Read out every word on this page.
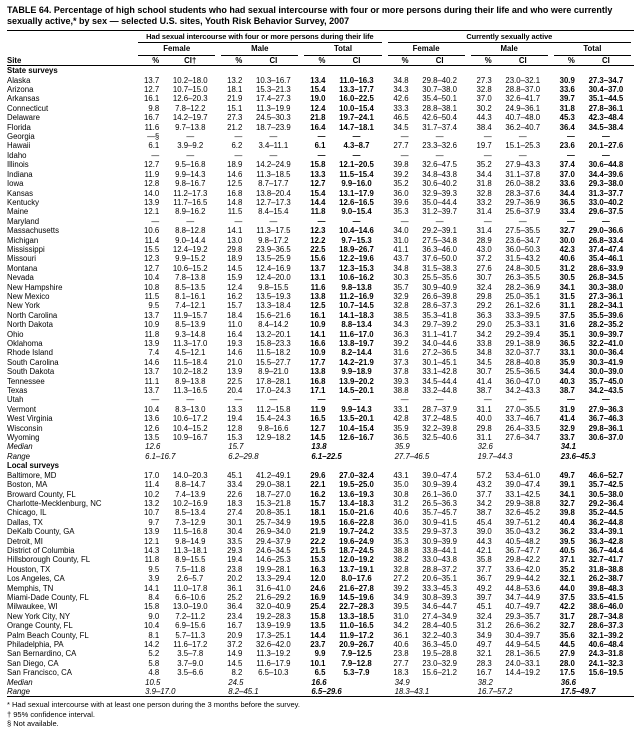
TABLE 64. Percentage of high school students who had sexual intercourse with four or more persons during their life and who were currently sexually active,* by sex — selected U.S. sites, Youth Risk Behavior Survey, 2007
Site	Had sexual intercourse with four or more persons during their life						Currently sexually active					

	Female		Male		Total		Female		Male		Total	

	%	CI†	%	CI	%	CI	%	CI	%	CI	%	CI
State surveys												
Alaska	13.7	10.2–18.0	13.2	10.3–16.7	13.4	11.0–16.3	34.8	29.8–40.2	27.3	23.0–32.1	30.9	27.3–34.7
Arizona	12.7	10.7–15.0	18.1	15.3–21.3	15.4	13.3–17.7	34.3	30.7–38.0	32.8	28.8–37.0	33.6	30.4–37.0
Arkansas	16.1	12.6–20.3	21.9	17.4–27.3	19.0	16.0–22.5	42.6	35.4–50.1	37.0	32.6–41.7	39.7	35.1–44.5
Connecticut	9.8	7.8–12.2	15.1	11.3–19.9	12.4	10.0–15.4	33.3	28.8–38.1	30.2	24.9–36.1	31.8	27.8–36.1
Delaware	16.7	14.2–19.7	27.3	24.5–30.3	21.8	19.7–24.1	46.5	42.6–50.4	44.3	40.7–48.0	45.3	42.3–48.4
Florida	11.6	9.7–13.8	21.2	18.7–23.9	16.4	14.7–18.1	34.5	31.7–37.4	38.4	36.2–40.7	36.4	34.5–38.4
Georgia	—§	—	—	—	—	—	—	—	—	—	—	—
Hawaii	6.1	3.9–9.2	6.2	3.4–11.1	6.1	4.3–8.7	27.7	23.3–32.6	19.7	15.1–25.3	23.6	20.1–27.6
Idaho	—	—	—	—	—	—	—	—	—	—	—	—
Illinois	12.7	9.5–16.8	18.9	14.2–24.9	15.8	12.1–20.5	39.8	32.6–47.5	35.2	27.9–43.3	37.4	30.6–44.8
Indiana	11.9	9.9–14.3	14.6	11.3–18.5	13.3	11.5–15.4	39.2	34.8–43.8	34.4	31.1–37.8	37.0	34.4–39.6
Iowa	12.8	9.8–16.7	12.5	8.7–17.7	12.7	9.9–16.0	35.2	30.6–40.2	31.8	26.0–38.2	33.6	29.3–38.0
Kansas	14.0	11.2–17.3	16.8	13.8–20.4	15.4	13.1–17.9	36.0	32.9–39.3	32.8	28.3–37.6	34.4	31.3–37.7
Kentucky	13.9	11.7–16.5	14.8	12.7–17.3	14.4	12.6–16.5	39.6	35.0–44.4	33.2	29.7–36.9	36.5	33.0–40.2
Maine	12.1	8.9–16.2	11.5	8.4–15.4	11.8	9.0–15.4	35.3	31.2–39.7	31.4	25.6–37.9	33.4	29.6–37.5
Maryland	—	—	—	—	—	—	—	—	—	—	—	—
Massachusetts	10.6	8.8–12.8	14.1	11.3–17.5	12.3	10.4–14.6	34.0	29.2–39.1	31.4	27.5–35.5	32.7	29.0–36.6
Michigan	11.4	9.0–14.4	13.0	9.8–17.2	12.2	9.7–15.3	31.0	27.5–34.8	28.9	23.6–34.7	30.0	26.8–33.4
Mississippi	15.5	12.4–19.2	29.8	23.9–36.5	22.5	18.9–26.7	41.1	36.3–46.0	43.0	36.0–50.3	42.3	37.4–47.4
Missouri	12.3	9.9–15.2	18.9	13.5–25.9	15.6	12.2–19.6	43.7	37.6–50.0	37.2	31.5–43.2	40.6	35.4–46.1
Montana	12.7	10.6–15.2	14.5	12.4–16.9	13.7	12.3–15.3	34.8	31.5–38.3	27.6	24.8–30.5	31.2	28.6–33.9
Nevada	10.4	7.8–13.8	15.9	12.4–20.0	13.1	10.6–16.2	30.3	25.5–35.6	30.7	26.3–35.5	30.5	26.8–34.5
New Hampshire	10.8	8.5–13.5	12.4	9.8–15.5	11.6	9.8–13.8	35.7	30.9–40.9	32.4	28.2–36.9	34.1	30.3–38.0
New Mexico	11.5	8.1–16.1	16.2	13.5–19.3	13.8	11.2–16.9	32.9	26.6–39.8	29.8	25.0–35.1	31.5	27.3–36.1
New York	9.5	7.4–12.1	15.7	13.3–18.4	12.5	10.7–14.5	32.8	28.6–37.3	29.2	26.1–32.6	31.1	28.2–34.1
North Carolina	13.7	11.9–15.7	18.4	15.6–21.6	16.1	14.1–18.3	38.5	35.3–41.8	36.3	33.3–39.5	37.5	35.5–39.6
North Dakota	10.9	8.5–13.9	11.0	8.4–14.2	10.9	8.8–13.4	34.3	29.7–39.2	29.0	25.3–33.1	31.6	28.2–35.2
Ohio	11.8	9.3–14.8	16.4	13.2–20.1	14.1	11.6–17.0	36.3	31.1–41.7	34.2	29.2–39.4	35.1	30.9–39.7
Oklahoma	13.9	11.3–17.0	19.3	15.8–23.3	16.6	13.8–19.7	39.2	34.0–44.6	33.8	29.1–38.9	36.5	32.2–41.0
Rhode Island	7.4	4.5–12.1	14.6	11.5–18.2	10.9	8.2–14.4	31.6	27.2–36.5	34.8	32.0–37.7	33.1	30.0–36.4
South Carolina	14.6	11.5–18.4	21.0	15.5–27.7	17.7	14.2–21.9	37.3	30.1–45.1	34.5	28.8–40.8	35.9	30.3–41.9
South Dakota	13.7	10.2–18.2	13.9	8.9–21.0	13.8	9.9–18.9	37.8	33.1–42.8	30.7	25.5–36.5	34.4	30.0–39.0
Tennessee	11.1	8.9–13.8	22.5	17.8–28.1	16.8	13.9–20.2	39.3	34.5–44.4	41.4	36.0–47.0	40.3	35.7–45.0
Texas	13.7	11.3–16.5	20.4	17.0–24.3	17.1	14.5–20.1	38.8	33.2–44.8	38.7	34.2–43.3	38.7	34.2–43.5
Utah	—	—	—	—	—	—	—	—	—	—	—	—
Vermont	10.4	8.3–13.0	13.3	11.2–15.8	11.9	9.9–14.3	33.1	28.7–37.9	31.1	27.0–35.5	31.9	27.9–36.3
West Virginia	13.6	10.6–17.2	19.4	15.4–24.3	16.5	13.5–20.1	42.8	37.2–48.5	40.0	33.7–46.7	41.4	36.7–46.3
Wisconsin	12.6	10.4–15.2	12.8	9.8–16.6	12.7	10.4–15.4	35.9	32.2–39.8	29.8	26.4–33.5	32.9	29.8–36.1
Wyoming	13.5	10.9–16.7	15.3	12.9–18.2	14.5	12.6–16.7	36.5	32.5–40.6	31.1	27.6–34.7	33.7	30.6–37.0
Median	12.6		15.7		13.8		35.9		32.6		34.1	
Range	6.1–16.7		6.2–29.8		6.1–22.5		27.7–46.5		19.7–44.3		23.6–45.3	
Local surveys												
Baltimore, MD	17.0	14.0–20.3	45.1	41.2–49.1	29.6	27.0–32.4	43.1	39.0–47.4	57.2	53.4–61.0	49.7	46.6–52.7
Boston, MA	11.4	8.8–14.7	33.4	29.0–38.1	22.1	19.5–25.0	35.0	30.9–39.4	43.2	39.0–47.4	39.1	35.7–42.5
Broward County, FL	10.2	7.4–13.9	22.6	18.7–27.0	16.2	13.6–19.3	30.8	26.1–36.0	37.7	33.1–42.5	34.1	30.5–38.0
Charlotte-Mecklenburg, NC	13.2	10.2–16.9	18.3	15.3–21.8	15.7	13.4–18.3	31.2	26.5–36.3	34.2	29.9–38.8	32.7	29.2–36.4
Chicago, IL	10.7	8.5–13.4	27.4	20.8–35.1	18.1	15.0–21.6	40.6	35.7–45.7	38.7	32.6–45.2	39.8	35.2–44.5
Dallas, TX	9.7	7.3–12.9	30.1	25.7–34.9	19.5	16.6–22.8	36.0	30.9–41.5	45.4	39.7–51.2	40.4	36.2–44.8
DeKalb County, GA	13.9	11.5–16.8	30.4	26.9–34.0	21.9	19.7–24.2	33.5	29.9–37.3	39.0	35.0–43.2	36.2	33.4–39.1
Detroit, MI	12.1	9.8–14.9	33.5	29.4–37.9	22.2	19.6–24.9	35.3	30.9–39.9	44.3	40.5–48.2	39.5	36.3–42.8
District of Columbia	14.3	11.3–18.1	29.3	24.6–34.5	21.5	18.7–24.5	38.8	33.8–44.1	42.1	36.7–47.7	40.5	36.7–44.4
Hillsborough County, FL	11.8	8.9–15.5	19.4	14.6–25.3	15.3	12.0–19.2	38.2	33.0–43.8	35.8	29.8–42.2	37.1	32.7–41.7
Houston, TX	9.5	7.5–11.8	23.8	19.9–28.1	16.3	13.7–19.1	32.8	28.8–37.2	37.7	33.6–42.0	35.2	31.8–38.8
Los Angeles, CA	3.9	2.6–5.7	20.2	13.3–29.4	12.0	8.0–17.6	27.2	20.6–35.1	36.7	29.9–44.2	32.1	26.2–38.7
Memphis, TN	14.1	11.0–17.8	36.1	31.6–41.0	24.6	21.6–27.8	39.2	33.3–45.3	49.2	44.8–53.6	44.0	39.8–48.3
Miami-Dade County, FL	8.4	6.6–10.6	25.2	21.6–29.2	16.9	14.5–19.6	34.9	30.8–39.3	39.7	34.7–44.9	37.5	33.5–41.5
Milwaukee, WI	15.8	13.0–19.0	36.4	32.0–40.9	25.4	22.7–28.3	39.5	34.6–44.7	45.1	40.7–49.7	42.2	38.6–46.0
New York City, NY	9.0	7.2–11.2	23.4	19.2–28.3	15.8	13.3–18.5	31.0	27.4–34.9	32.4	29.3–35.7	31.7	28.7–34.8
Orange County, FL	10.4	6.9–15.6	16.7	13.9–19.9	13.5	11.0–16.5	34.2	28.4–40.5	31.2	26.6–36.2	32.7	28.6–37.3
Palm Beach County, FL	8.1	5.7–11.3	20.9	17.3–25.1	14.4	11.9–17.2	36.1	32.2–40.3	34.9	30.4–39.7	35.6	32.1–39.2
Philadelphia, PA	14.2	11.6–17.2	37.2	32.6–42.0	23.7	20.9–26.7	40.6	36.3–45.0	49.7	44.9–54.5	44.5	40.6–48.4
San Bernardino, CA	5.2	3.5–7.8	14.9	11.3–19.2	9.9	7.9–12.5	23.8	19.5–28.8	32.1	28.1–36.5	27.9	24.3–31.8
San Diego, CA	5.8	3.7–9.0	14.5	11.6–17.9	10.1	7.9–12.8	27.7	23.0–32.9	28.3	24.0–33.1	28.0	24.1–32.3
San Francisco, CA	4.8	3.5–6.6	8.2	6.5–10.3	6.5	5.3–7.9	18.3	15.6–21.2	16.7	14.4–19.2	17.5	15.6–19.5
Median	10.5		24.5		16.6		34.9		38.2		36.6	
Range	3.9–17.0		8.2–45.1		6.5–29.6		18.3–43.1		16.7–57.2		17.5–49.7	
* Had sexual intercourse with at least one person during the 3 months before the survey.
† 95% confidence interval.
§ Not available.
